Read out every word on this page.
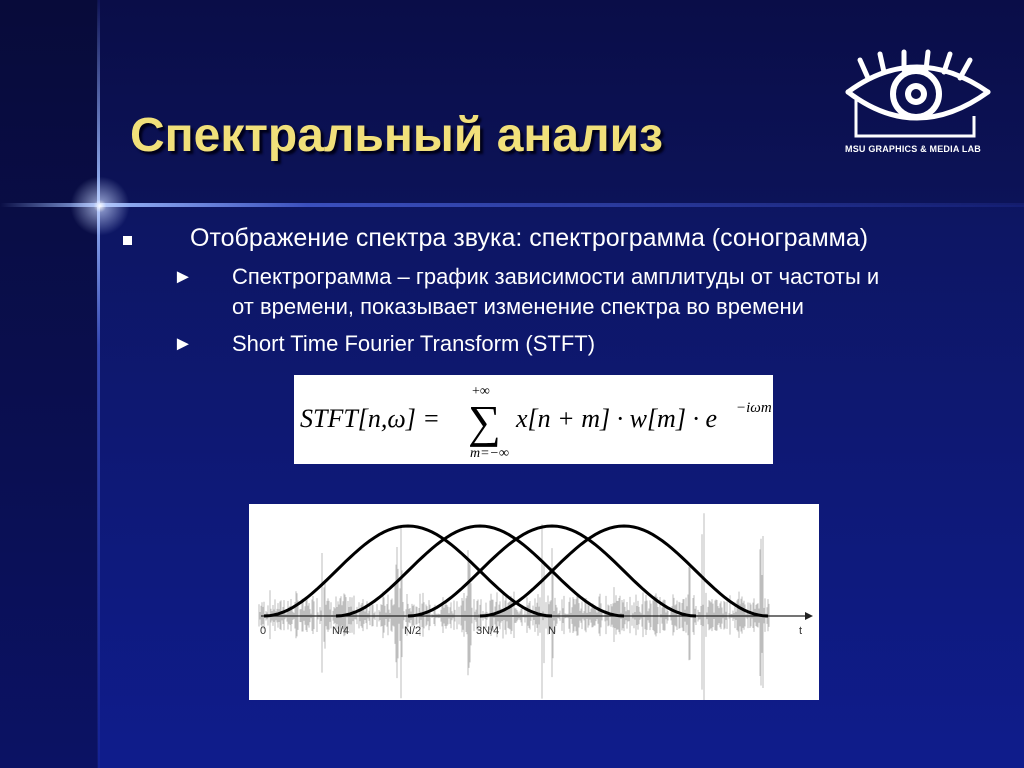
Спектральный анализ	MSU GRAPHICS & MEDIA LAB
Отображение спектра звука: спектрограмма (сонограмма)
► Спектрограмма – график зависимости амплитуды от частоты и
от времени, показывает изменение спектра во времени
► Short Time Fourier Transform (STFT)
STFT[n,ω] =
+∞
∑
m=−∞
x[n + m] · w[m] · e −iωm
0	N/4	N/2	3N/4	N	t
